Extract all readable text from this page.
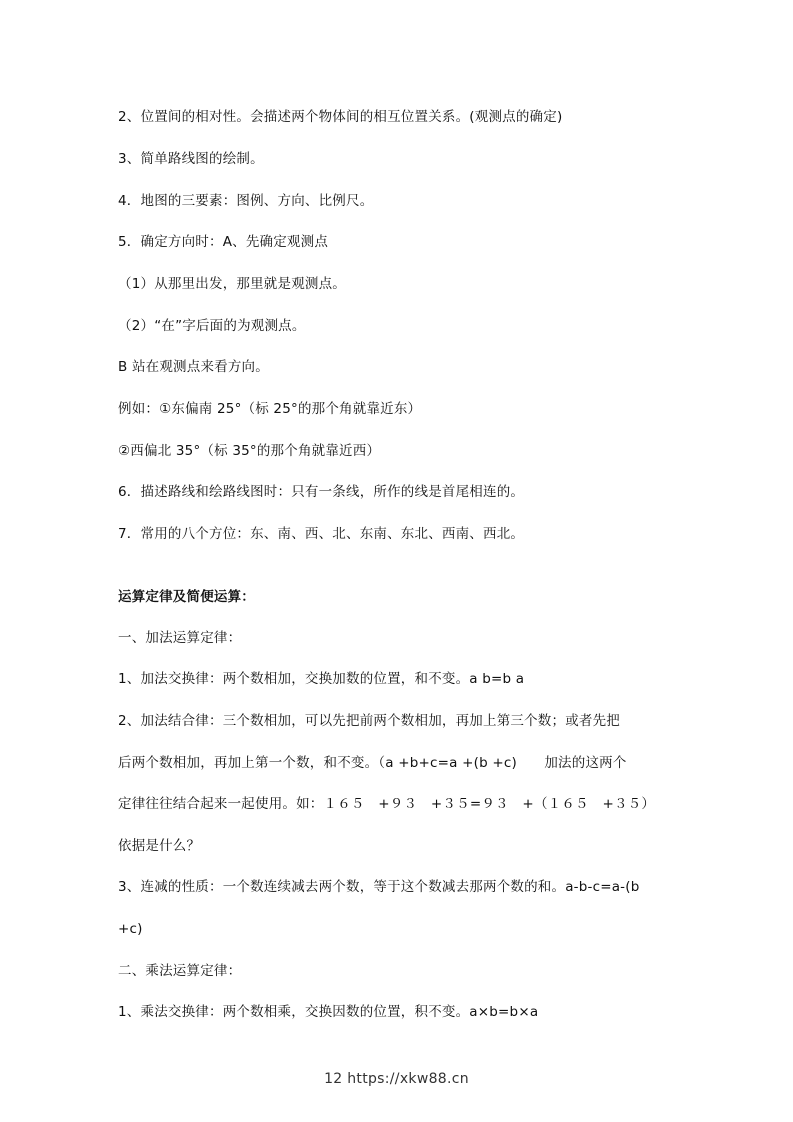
2、位置间的相对性。会描述两个物体间的相互位置关系。(观测点的确定)
3、简单路线图的绘制。
4．地图的三要素：图例、方向、比例尺。
5．确定方向时：A、先确定观测点
（1）从那里出发，那里就是观测点。
（2）“在”字后面的为观测点。
B 站在观测点来看方向。
例如：①东偏南 25°（标 25°的那个角就靠近东）
②西偏北 35°（标 35°的那个角就靠近西）
6．描述路线和绘路线图时：只有一条线，所作的线是首尾相连的。
7．常用的八个方位：东、南、西、北、东南、东北、西南、西北。
运算定律及简便运算：
一、加法运算定律：
1、加法交换律：两个数相加，交换加数的位置，和不变。a b=b a
2、加法结合律：三个数相加，可以先把前两个数相加，再加上第三个数；或者先把
后两个数相加，再加上第一个数，和不变。（a +b+c=a +(b +c)　　加法的这两个
定律往往结合起来一起使用。如：１６５　+９３　+３５=９３　+（１６５　+３５）
依据是什么？
3、连减的性质：一个数连续减去两个数，等于这个数减去那两个数的和。a-b-c=a-(b
+c)
二、乘法运算定律：
1、乘法交换律：两个数相乘，交换因数的位置，积不变。a×b=b×a
12 https://xkw88.cn
